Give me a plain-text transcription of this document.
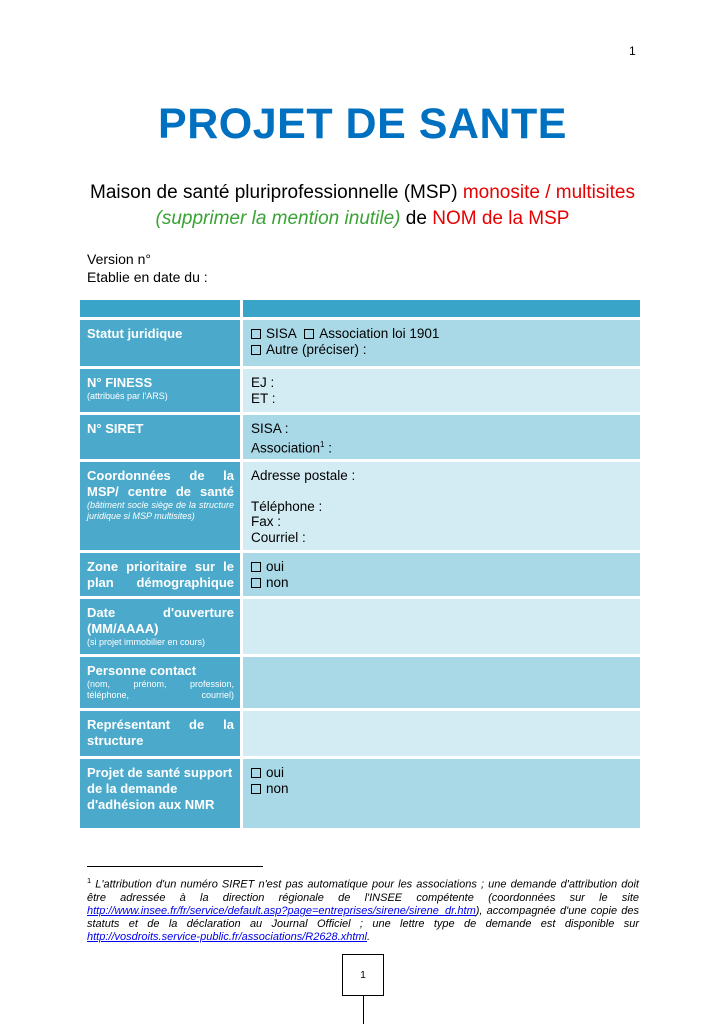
1
PROJET DE SANTE
Maison de santé pluriprofessionnelle (MSP) monosite / multisites (supprimer la mention inutile) de NOM de la MSP
Version n°
Etablie en date du :
Statut juridique	SISA Association loi 1901
Autre (préciser) :
N° FINESS
(attribués par l'ARS)
EJ :
ET :
N° SIRET	SISA :
Association$^1$ :
Coordonnées de la MSP/ centre de santé
(bâtiment socle siège de la structure juridique si MSP multisites)
Adresse postale :
Téléphone :
Fax :
Courriel :
Zone prioritaire sur le plan démographique
oui
non
Date d'ouverture (MM/AAAA)
(si projet immobilier en cours)
Personne contact
(nom, prénom, profession, téléphone, courriel)
Représentant de la structure
Projet de santé support de la demande d'adhésion aux NMR
oui
non
$^1$ L'attribution d'un numéro SIRET n'est pas automatique pour les associations ; une demande d'attribution doit être adressée à la direction régionale de l'INSEE compétente (coordonnées sur le site http://www.insee.fr/fr/service/default.asp?page=entreprises/sirene/sirene_dr.htm), accompagnée d'une copie des statuts et de la déclaration au Journal Officiel ; une lettre type de demande est disponible sur http://vosdroits.service-public.fr/associations/R2628.xhtml.
1
